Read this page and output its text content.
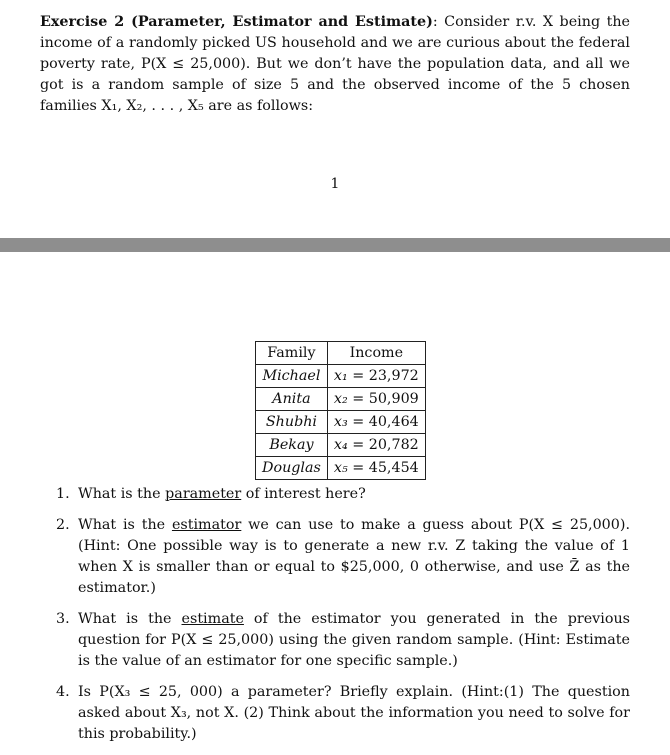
Exercise 2 (Parameter, Estimator and Estimate): Consider r.v. X being the income of a randomly picked US household and we are curious about the federal poverty rate, P(X ≤ 25,000). But we don’t have the population data, and all we got is a random sample of size 5 and the observed income of the 5 chosen families X₁, X₂, . . . , X₅ are as follows:
1
Family	Income
Michael	x₁ = 23,972
Anita	x₂ = 50,909
Shubhi	x₃ = 40,464
Bekay	x₄ = 20,782
Douglas	x₅ = 45,454
1. What is the parameter of interest here?
2. What is the estimator we can use to make a guess about P(X ≤ 25,000). (Hint: One possible way is to generate a new r.v. Z taking the value of 1 when X is smaller than or equal to $25,000, 0 otherwise, and use Z̄ as the estimator.)
3. What is the estimate of the estimator you generated in the previous question for P(X ≤ 25,000) using the given random sample. (Hint: Estimate is the value of an estimator for one specific sample.)
4. Is P(X₃ ≤ 25, 000) a parameter? Briefly explain. (Hint:(1) The question asked about X₃, not X. (2) Think about the information you need to solve for this probability.)
